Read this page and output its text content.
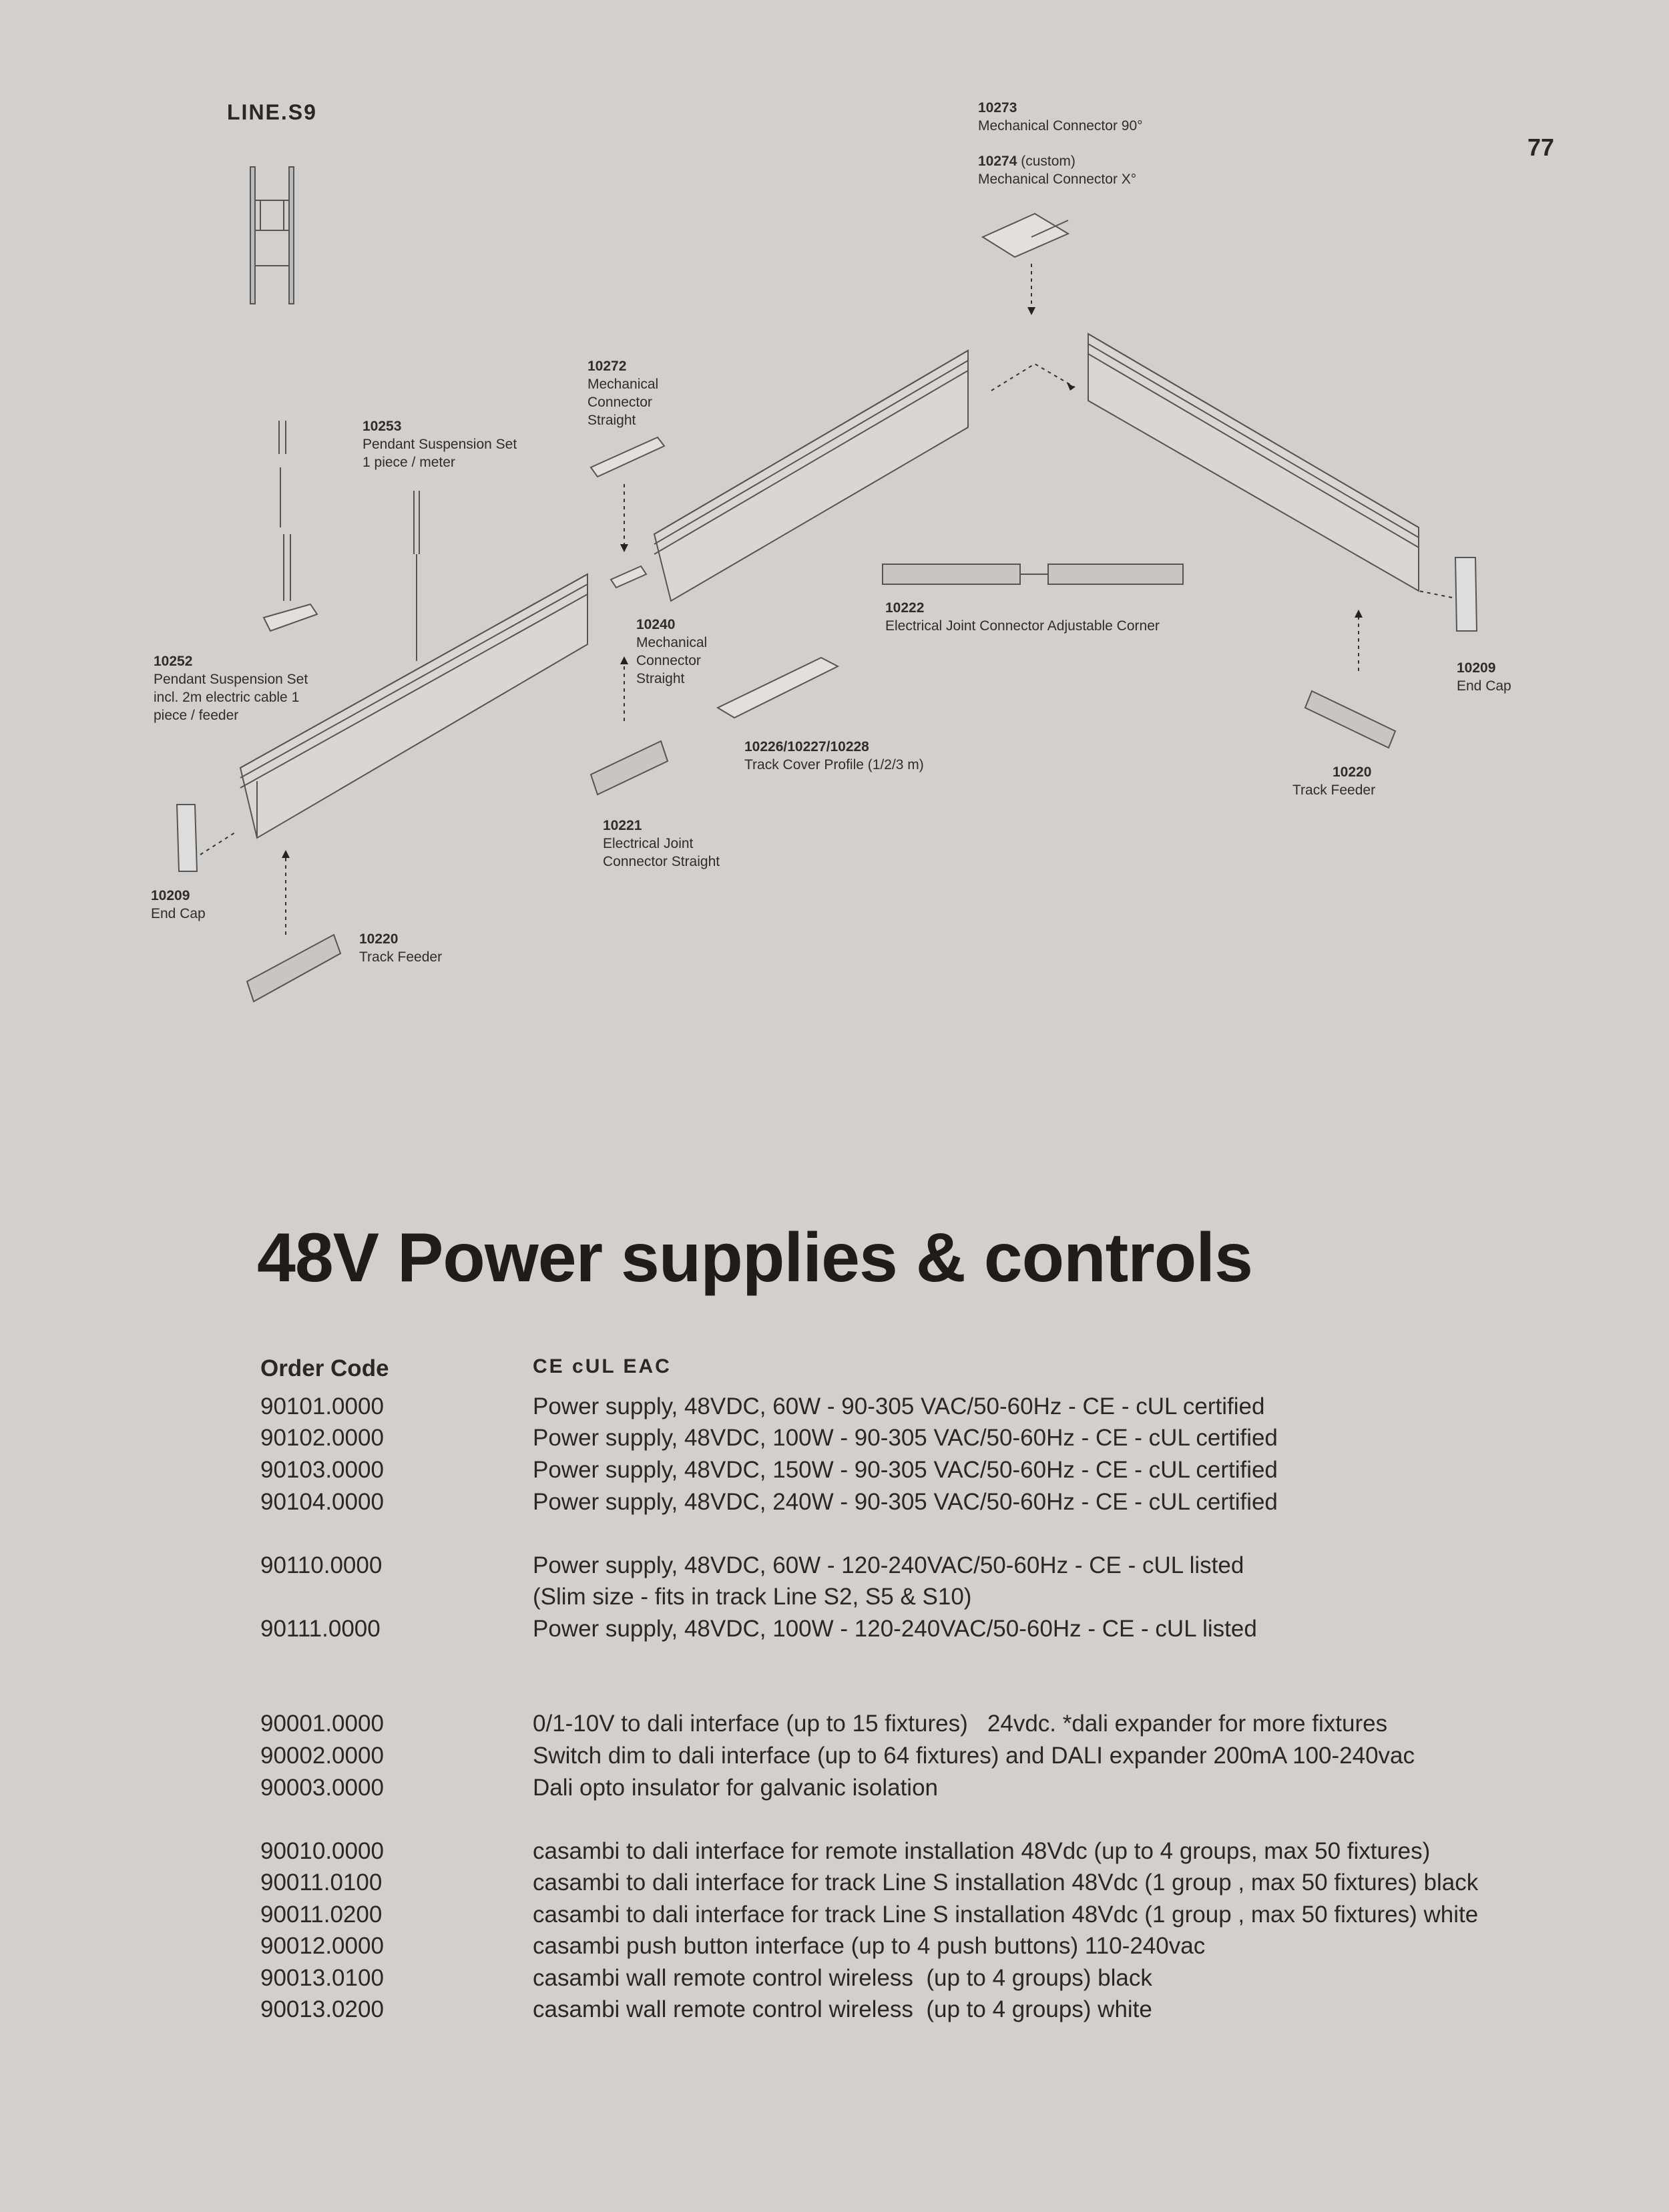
LINE.S9
77
10273
Mechanical Connector 90°
10274 (custom)
Mechanical Connector X°
10272
Mechanical
Connector
Straight
10253
Pendant Suspension Set
1 piece / meter
10240
Mechanical
Connector
Straight
10222
Electrical Joint Connector Adjustable Corner
10252
Pendant Suspension Set
incl. 2m electric cable 1
piece / feeder
10209
End Cap
10226/10227/10228
Track Cover Profile (1/2/3 m)	10220
Track Feeder
10221
Electrical Joint
Connector Straight
10209
End Cap
10220
Track Feeder
48V Power supplies & controls
Order Code	CE cUL EAC
90101.0000	Power supply, 48VDC, 60W - 90-305 VAC/50-60Hz - CE - cUL certified
90102.0000	Power supply, 48VDC, 100W - 90-305 VAC/50-60Hz - CE - cUL certified
90103.0000	Power supply, 48VDC, 150W - 90-305 VAC/50-60Hz - CE - cUL certified
90104.0000	Power supply, 48VDC, 240W - 90-305 VAC/50-60Hz - CE - cUL certified
90110.0000	Power supply, 48VDC, 60W - 120-240VAC/50-60Hz - CE - cUL listed
(Slim size - fits in track Line S2, S5 & S10)
90111.0000	Power supply, 48VDC, 100W - 120-240VAC/50-60Hz - CE - cUL listed
90001.0000	0/1-10V to dali interface (up to 15 fixtures)   24vdc. *dali expander for more fixtures
90002.0000	Switch dim to dali interface (up to 64 fixtures) and DALI expander 200mA 100-240vac
90003.0000	Dali opto insulator for galvanic isolation
90010.0000	casambi to dali interface for remote installation 48Vdc (up to 4 groups, max 50 fixtures)
90011.0100	casambi to dali interface for track Line S installation 48Vdc (1 group , max 50 fixtures) black
90011.0200	casambi to dali interface for track Line S installation 48Vdc (1 group , max 50 fixtures) white
90012.0000	casambi push button interface (up to 4 push buttons) 110-240vac
90013.0100	casambi wall remote control wireless  (up to 4 groups) black
90013.0200	casambi wall remote control wireless  (up to 4 groups) white
